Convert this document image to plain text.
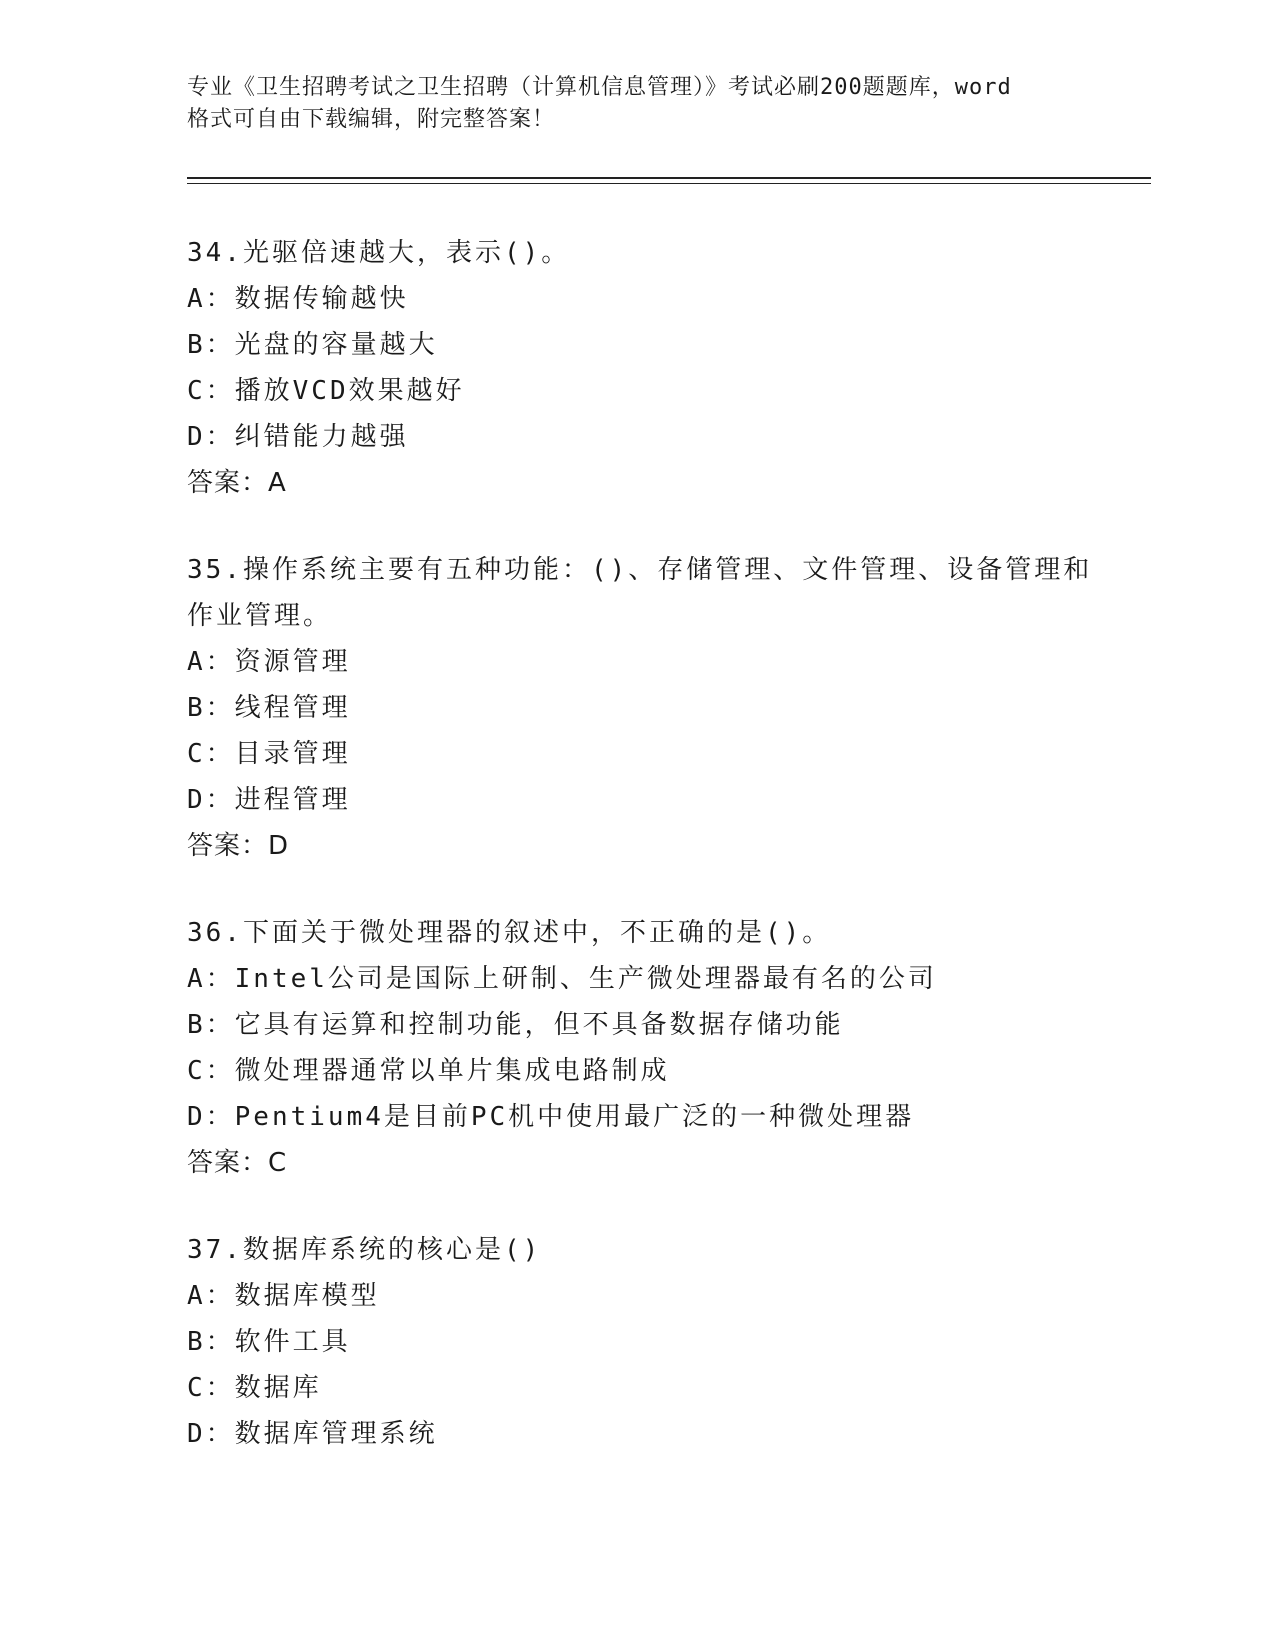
专业《卫生招聘考试之卫生招聘（计算机信息管理）》考试必刷200题题库，word
格式可自由下载编辑，附完整答案！
34.光驱倍速越大，表示()。
A：数据传输越快
B：光盘的容量越大
C：播放VCD效果越好
D：纠错能力越强
答案：A
35.操作系统主要有五种功能：()、存储管理、文件管理、设备管理和
作业管理。
A：资源管理
B：线程管理
C：目录管理
D：进程管理
答案：D
36.下面关于微处理器的叙述中，不正确的是()。
A：Intel公司是国际上研制、生产微处理器最有名的公司
B：它具有运算和控制功能，但不具备数据存储功能
C：微处理器通常以单片集成电路制成
D：Pentium4是目前PC机中使用最广泛的一种微处理器
答案：C
37.数据库系统的核心是()
A：数据库模型
B：软件工具
C：数据库
D：数据库管理系统
